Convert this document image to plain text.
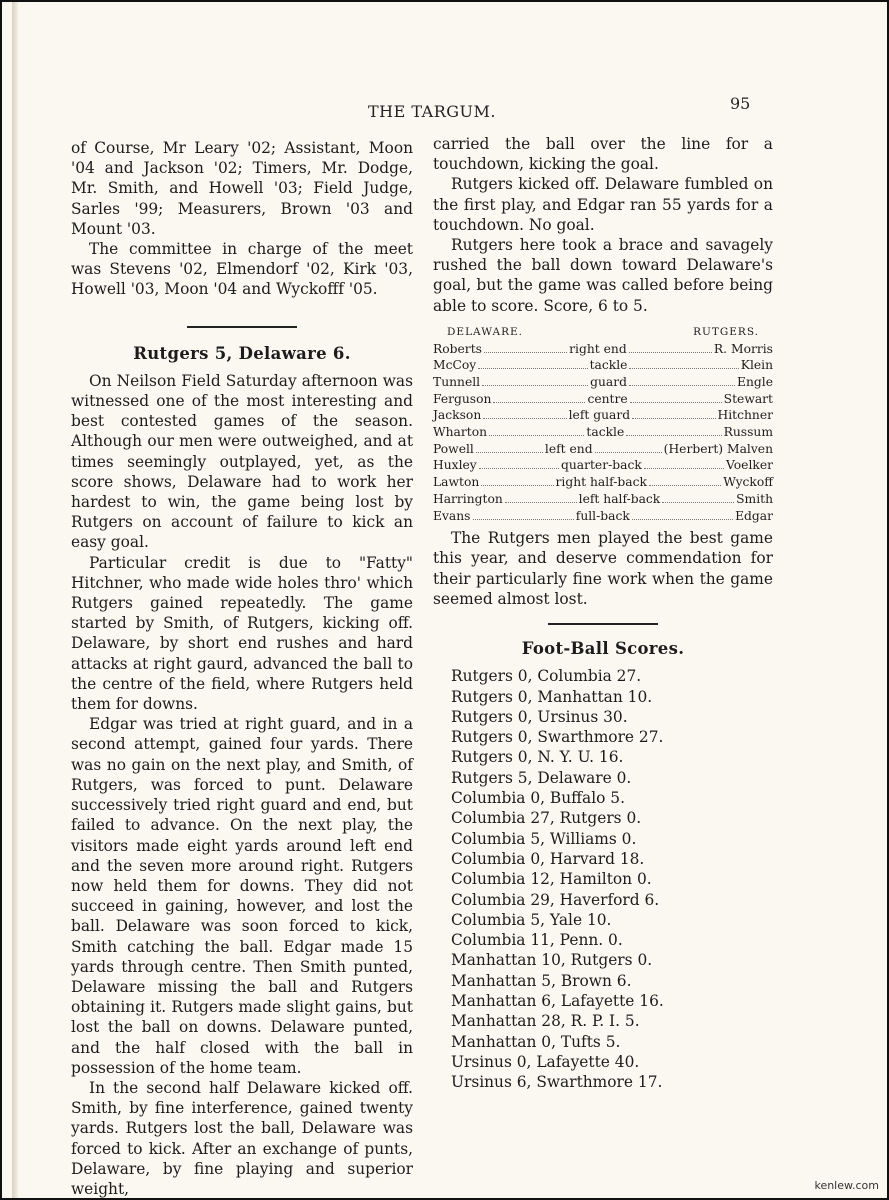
THE TARGUM.	95

of Course, Mr Leary '02; Assistant, Moon '04 and Jackson '02; Timers, Mr. Dodge, Mr. Smith, and Howell '03; Field Judge, Sarles '99; Measurers, Brown '03 and Mount '03.

The committee in charge of the meet was Stevens '02, Elmendorf '02, Kirk '03, Howell '03, Moon '04 and Wyckofff '05.

Rutgers 5, Delaware 6.

On Neilson Field Saturday afternoon was witnessed one of the most interesting and best contested games of the season. Although our men were outweighed, and at times seemingly outplayed, yet, as the score shows, Delaware had to work her hardest to win, the game being lost by Rutgers on account of failure to kick an easy goal.

Particular credit is due to "Fatty" Hitchner, who made wide holes thro' which Rutgers gained repeatedly. The game started by Smith, of Rutgers, kicking off. Delaware, by short end rushes and hard attacks at right gaurd, advanced the ball to the centre of the field, where Rutgers held them for downs.

Edgar was tried at right guard, and in a second attempt, gained four yards. There was no gain on the next play, and Smith, of Rutgers, was forced to punt. Delaware successively tried right guard and end, but failed to advance. On the next play, the visitors made eight yards around left end and the seven more around right. Rutgers now held them for downs. They did not succeed in gaining, however, and lost the ball. Delaware was soon forced to kick, Smith catching the ball. Edgar made 15 yards through centre. Then Smith punted, Delaware missing the ball and Rutgers obtaining it. Rutgers made slight gains, but lost the ball on downs. Delaware punted, and the half closed with the ball in possession of the home team.

In the second half Delaware kicked off. Smith, by fine interference, gained twenty yards. Rutgers lost the ball, Delaware was forced to kick. After an exchange of punts, Delaware, by fine playing and superior weight,

carried the ball over the line for a touchdown, kicking the goal.

Rutgers kicked off. Delaware fumbled on the first play, and Edgar ran 55 yards for a touchdown. No goal.

Rutgers here took a brace and savagely rushed the ball down toward Delaware's goal, but the game was called before being able to score. Score, 6 to 5.

DELAWARE.	RUTGERS.
Roberts	right end	R. Morris
McCoy	tackle	Klein
Tunnell	guard	Engle
Ferguson	centre	Stewart
Jackson	left guard	Hitchner
Wharton	tackle	Russum
Powell	left end	(Herbert) Malven
Huxley	quarter-back	Voelker
Lawton	right half-back	Wyckoff
Harrington	left half-back	Smith
Evans	full-back	Edgar

The Rutgers men played the best game this year, and deserve commendation for their particularly fine work when the game seemed almost lost.

Foot-Ball Scores.
Rutgers 0, Columbia 27.
Rutgers 0, Manhattan 10.
Rutgers 0, Ursinus 30.
Rutgers 0, Swarthmore 27.
Rutgers 0, N. Y. U. 16.
Rutgers 5, Delaware 0.
Columbia 0, Buffalo 5.
Columbia 27, Rutgers 0.
Columbia 5, Williams 0.
Columbia 0, Harvard 18.
Columbia 12, Hamilton 0.
Columbia 29, Haverford 6.
Columbia 5, Yale 10.
Columbia 11, Penn. 0.
Manhattan 10, Rutgers 0.
Manhattan 5, Brown 6.
Manhattan 6, Lafayette 16.
Manhattan 28, R. P. I. 5.
Manhattan 0, Tufts 5.
Ursinus 0, Lafayette 40.
Ursinus 6, Swarthmore 17.
kenlew.com
